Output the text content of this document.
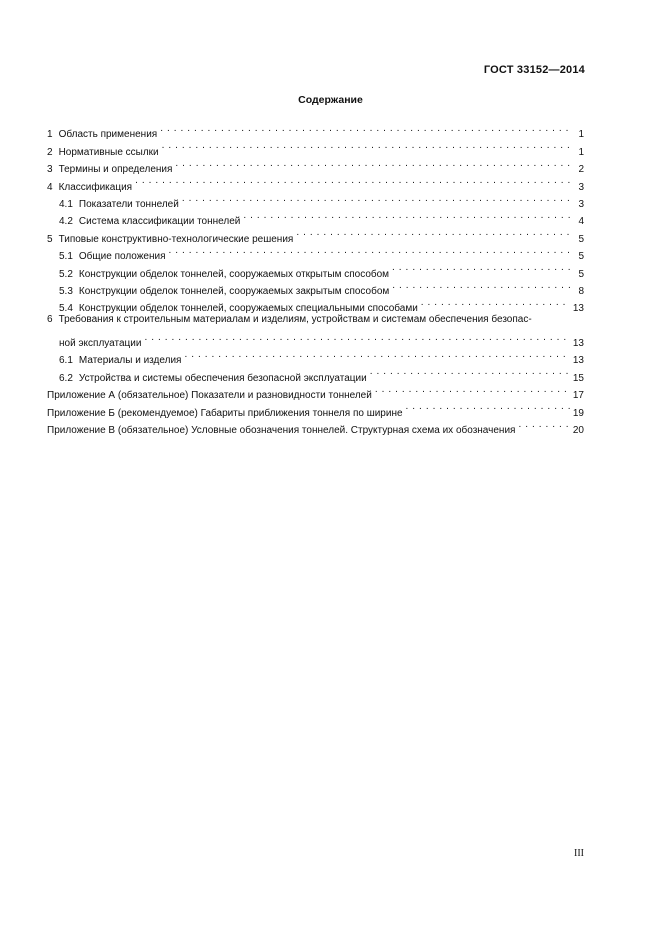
ГОСТ 33152—2014
Содержание
1 Область применения . . .	1
2 Нормативные ссылки . . .	1
3 Термины и определения . . .	2
4 Классификация . . .	3
4.1 Показатели тоннелей . . .	3
4.2 Система классификации тоннелей . . .	4
5 Типовые конструктивно-технологические решения . . .	5
5.1 Общие положения . . .	5
5.2 Конструкции обделок тоннелей, сооружаемых открытым способом . . .	5
5.3 Конструкции обделок тоннелей, сооружаемых закрытым способом . . .	8
5.4 Конструкции обделок тоннелей, сооружаемых специальными способами . . .	13
6 Требования к строительным материалам и изделиям, устройствам и системам обеспечения безопас-
ной эксплуатации . . .	13
6.1 Материалы и изделия . . .	13
6.2 Устройства и системы обеспечения безопасной эксплуатации . . .	15
Приложение А (обязательное) Показатели и разновидности тоннелей . . .	17
Приложение Б (рекомендуемое) Габариты приближения тоннеля по ширине . . .	19
Приложение В (обязательное) Условные обозначения тоннелей. Структурная схема их обозначения . . .	20
III
